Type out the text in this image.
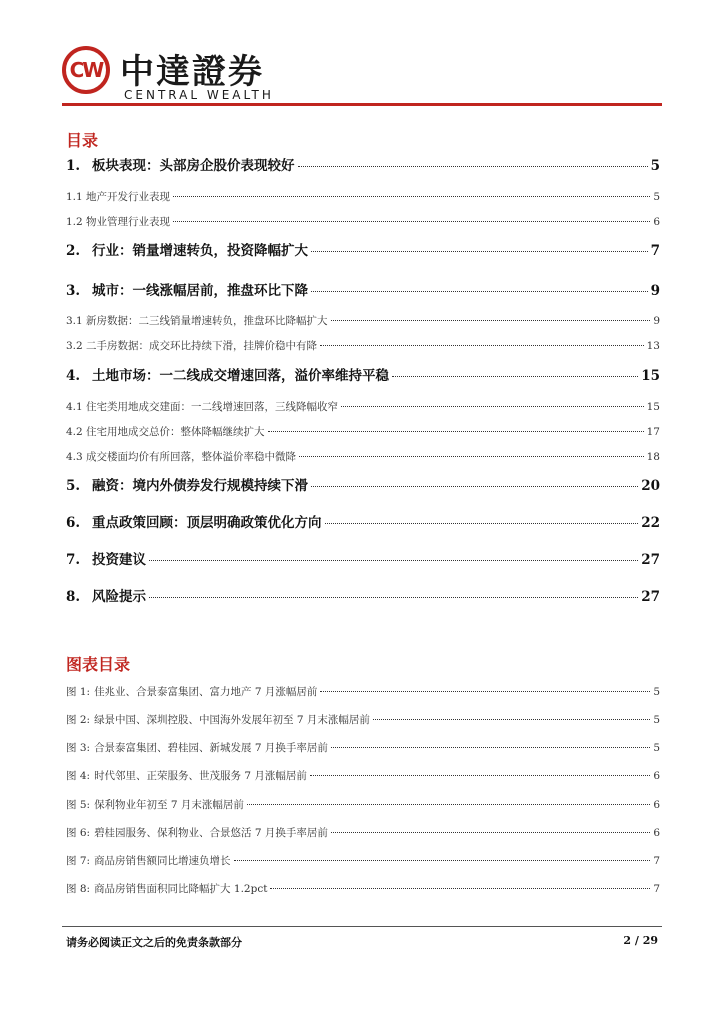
CW 中達證券
CENTRAL WEALTH
目录
1. 板块表现：头部房企股价表现较好	5
1.1 地产开发行业表现	5
1.2 物业管理行业表现	6
2. 行业：销量增速转负，投资降幅扩大	7
3. 城市：一线涨幅居前，推盘环比下降	9
3.1 新房数据：二三线销量增速转负，推盘环比降幅扩大	9
3.2 二手房数据：成交环比持续下滑，挂牌价稳中有降	13
4. 土地市场：一二线成交增速回落，溢价率维持平稳	15
4.1 住宅类用地成交建面：一二线增速回落，三线降幅收窄	15
4.2 住宅用地成交总价：整体降幅继续扩大	17
4.3 成交楼面均价有所回落，整体溢价率稳中微降	18
5. 融资：境内外债券发行规模持续下滑	20
6. 重点政策回顾：顶层明确政策优化方向	22
7. 投资建议	27
8. 风险提示	27
图表目录
图 1: 佳兆业、合景泰富集团、富力地产 7 月涨幅居前	5
图 2: 绿景中国、深圳控股、中国海外发展年初至 7 月末涨幅居前	5
图 3: 合景泰富集团、碧桂园、新城发展 7 月换手率居前	5
图 4: 时代邻里、正荣服务、世茂服务 7 月涨幅居前	6
图 5: 保利物业年初至 7 月末涨幅居前	6
图 6: 碧桂园服务、保利物业、合景悠活 7 月换手率居前	6
图 7: 商品房销售额同比增速负增长	7
图 8: 商品房销售面积同比降幅扩大 1.2pct	7
请务必阅读正文之后的免责条款部分	2 / 29
